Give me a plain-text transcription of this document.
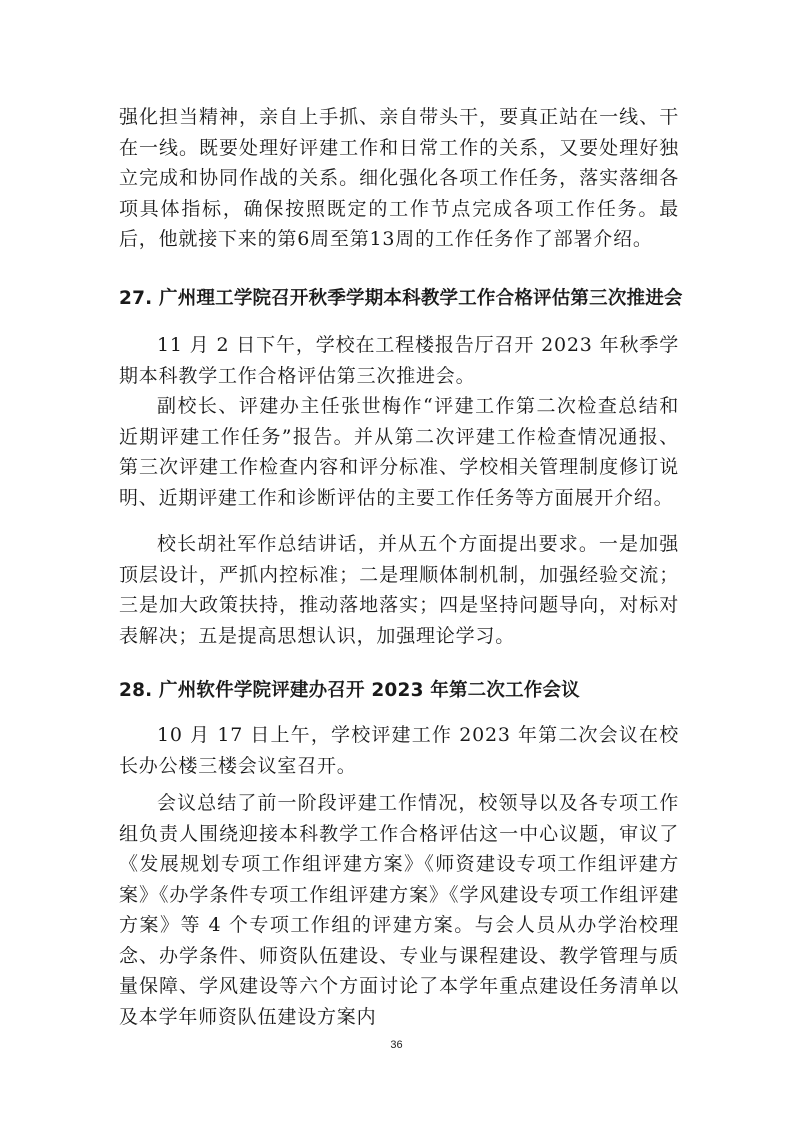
强化担当精神，亲自上手抓、亲自带头干，要真正站在一线、干在一线。既要处理好评建工作和日常工作的关系，又要处理好独立完成和协同作战的关系。细化强化各项工作任务，落实落细各项具体指标，确保按照既定的工作节点完成各项工作任务。最后，他就接下来的第6周至第13周的工作任务作了部署介绍。

27. 广州理工学院召开秋季学期本科教学工作合格评估第三次推进会

11 月 2 日下午，学校在工程楼报告厅召开 2023 年秋季学期本科教学工作合格评估第三次推进会。

副校长、评建办主任张世梅作“评建工作第二次检查总结和近期评建工作任务”报告。并从第二次评建工作检查情况通报、第三次评建工作检查内容和评分标准、学校相关管理制度修订说明、近期评建工作和诊断评估的主要工作任务等方面展开介绍。

校长胡社军作总结讲话，并从五个方面提出要求。一是加强顶层设计，严抓内控标准；二是理顺体制机制，加强经验交流；三是加大政策扶持，推动落地落实；四是坚持问题导向，对标对表解决；五是提高思想认识，加强理论学习。

28. 广州软件学院评建办召开 2023 年第二次工作会议

10 月 17 日上午，学校评建工作 2023 年第二次会议在校长办公楼三楼会议室召开。

会议总结了前一阶段评建工作情况，校领导以及各专项工作组负责人围绕迎接本科教学工作合格评估这一中心议题，审议了《发展规划专项工作组评建方案》《师资建设专项工作组评建方案》《办学条件专项工作组评建方案》《学风建设专项工作组评建方案》等 4 个专项工作组的评建方案。与会人员从办学治校理念、办学条件、师资队伍建设、专业与课程建设、教学管理与质量保障、学风建设等六个方面讨论了本学年重点建设任务清单以及本学年师资队伍建设方案内

36
